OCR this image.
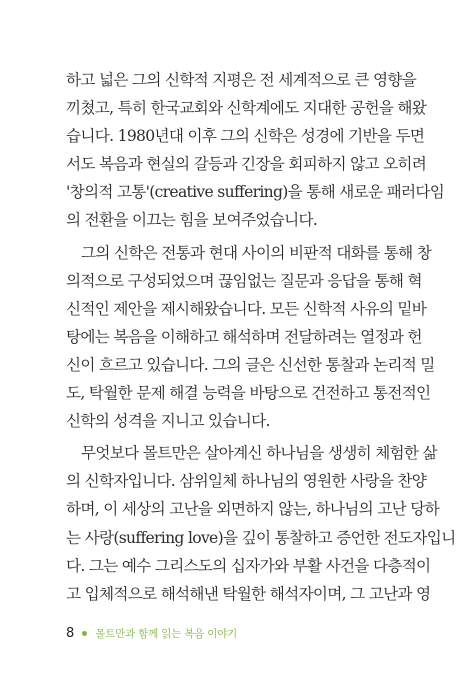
하고 넓은 그의 신학적 지평은 전 세계적으로 큰 영향을
끼쳤고, 특히 한국교회와 신학계에도 지대한 공헌을 해왔
습니다. 1980년대 이후 그의 신학은 성경에 기반을 두면
서도 복음과 현실의 갈등과 긴장을 회피하지 않고 오히려
'창의적 고통'(creative suffering)을 통해 새로운 패러다임
의 전환을 이끄는 힘을 보여주었습니다.
그의 신학은 전통과 현대 사이의 비판적 대화를 통해 창
의적으로 구성되었으며 끊임없는 질문과 응답을 통해 혁
신적인 제안을 제시해왔습니다. 모든 신학적 사유의 밑바
탕에는 복음을 이해하고 해석하며 전달하려는 열정과 헌
신이 흐르고 있습니다. 그의 글은 신선한 통찰과 논리적 밀
도, 탁월한 문제 해결 능력을 바탕으로 건전하고 통전적인
신학의 성격을 지니고 있습니다.
무엇보다 몰트만은 살아계신 하나님을 생생히 체험한 삶
의 신학자입니다. 삼위일체 하나님의 영원한 사랑을 찬양
하며, 이 세상의 고난을 외면하지 않는, 하나님의 고난 당하
는 사랑(suffering love)을 깊이 통찰하고 증언한 전도자입니
다. 그는 예수 그리스도의 십자가와 부활 사건을 다층적이
고 입체적으로 해석해낸 탁월한 해석자이며, 그 고난과 영
8 몰트만과 함께 읽는 복음 이야기
